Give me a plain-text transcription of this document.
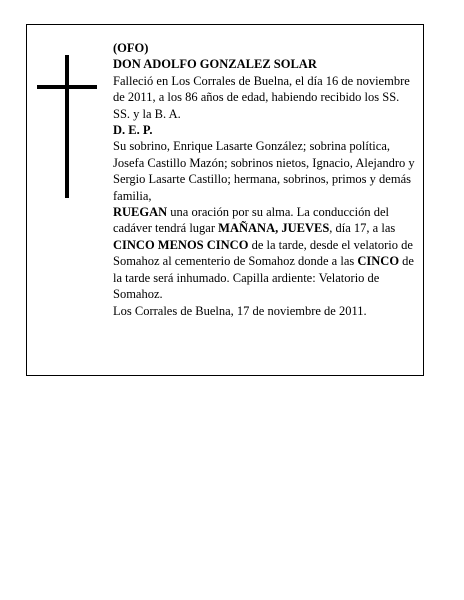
(OFO)

DON ADOLFO GONZALEZ SOLAR

Falleció en Los Corrales de Buelna, el día 16 de noviembre de 2011, a los 86 años de edad, habiendo recibido los SS. SS. y la B. A.

D. E. P.

Su sobrino, Enrique Lasarte González; sobrina política, Josefa Castillo Mazón; sobrinos nietos, Ignacio, Alejandro y Sergio Lasarte Castillo; hermana, sobrinos, primos y demás familia,

RUEGAN una oración por su alma. La conducción del cadáver tendrá lugar MAÑANA, JUEVES, día 17, a las CINCO MENOS CINCO de la tarde, desde el velatorio de Somahoz al cementerio de Somahoz donde a las CINCO de la tarde será inhumado. Capilla ardiente: Velatorio de Somahoz.

Los Corrales de Buelna, 17 de noviembre de 2011.
